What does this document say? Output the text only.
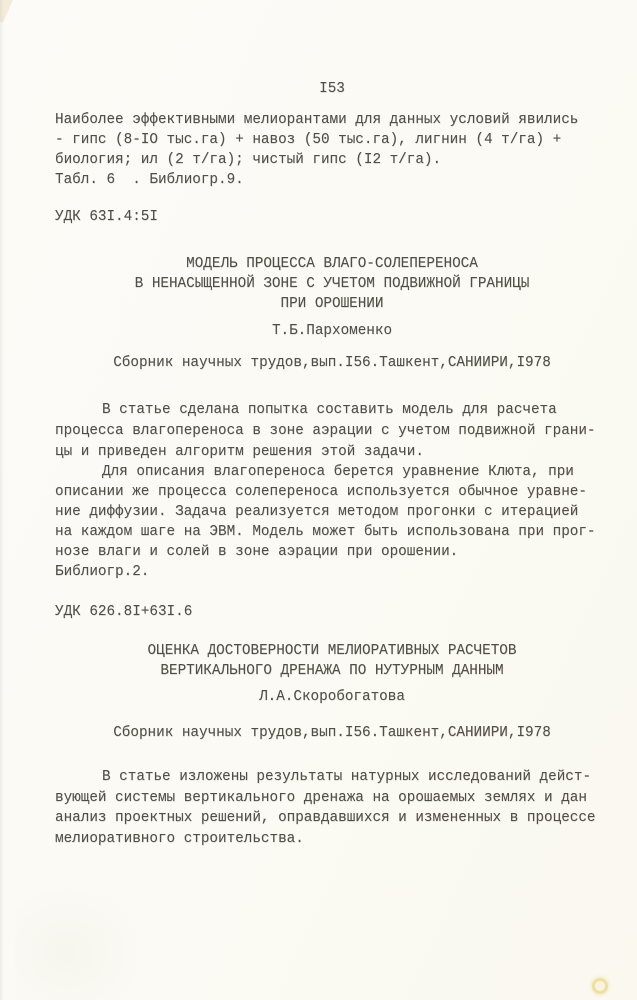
I53
Наиболее эффективными мелиорантами для данных условий явились
- гипс (8-IO тыс.га) + навоз (50 тыс.га), лигнин (4 т/га) +
биология; ил (2 т/га); чистый гипс (I2 т/га).
Табл. 6  . Библиогр.9.
УДК 63I.4:5I
МОДЕЛЬ ПРОЦЕССА ВЛАГО-СОЛЕПЕРЕНОСА
В НЕНАСЫЩЕННОЙ ЗОНЕ С УЧЕТОМ ПОДВИЖНОЙ ГРАНИЦЫ
ПРИ ОРОШЕНИИ
Т.Б.Пархоменко
Сборник научных трудов,вып.I56.Ташкент,САНИИРИ,I978
В статье сделана попытка составить модель для расчета
процесса влагопереноса в зоне аэрации с учетом подвижной грани-
цы и приведен алгоритм решения этой задачи.
Для описания влагопереноса берется уравнение Клюта, при
описании же процесса солепереноса используется обычное уравне-
ние диффузии. Задача реализуется методом прогонки с итерацией
на каждом шаге на ЭВМ. Модель может быть использована при прог-
нозе влаги и солей в зоне аэрации при орошении.
Библиогр.2.
УДК 626.8I+63I.6
ОЦЕНКА ДОСТОВЕРНОСТИ МЕЛИОРАТИВНЫХ РАСЧЕТОВ
ВЕРТИКАЛЬНОГО ДРЕНАЖА ПО НУТУРНЫМ ДАННЫМ
Л.А.Скоробогатова
Сборник научных трудов,вып.I56.Ташкент,САНИИРИ,I978
В статье изложены результаты натурных исследований дейст-
вующей системы вертикального дренажа на орошаемых землях и дан
анализ проектных решений, оправдавшихся и измененных в процессе
мелиоративного строительства.
